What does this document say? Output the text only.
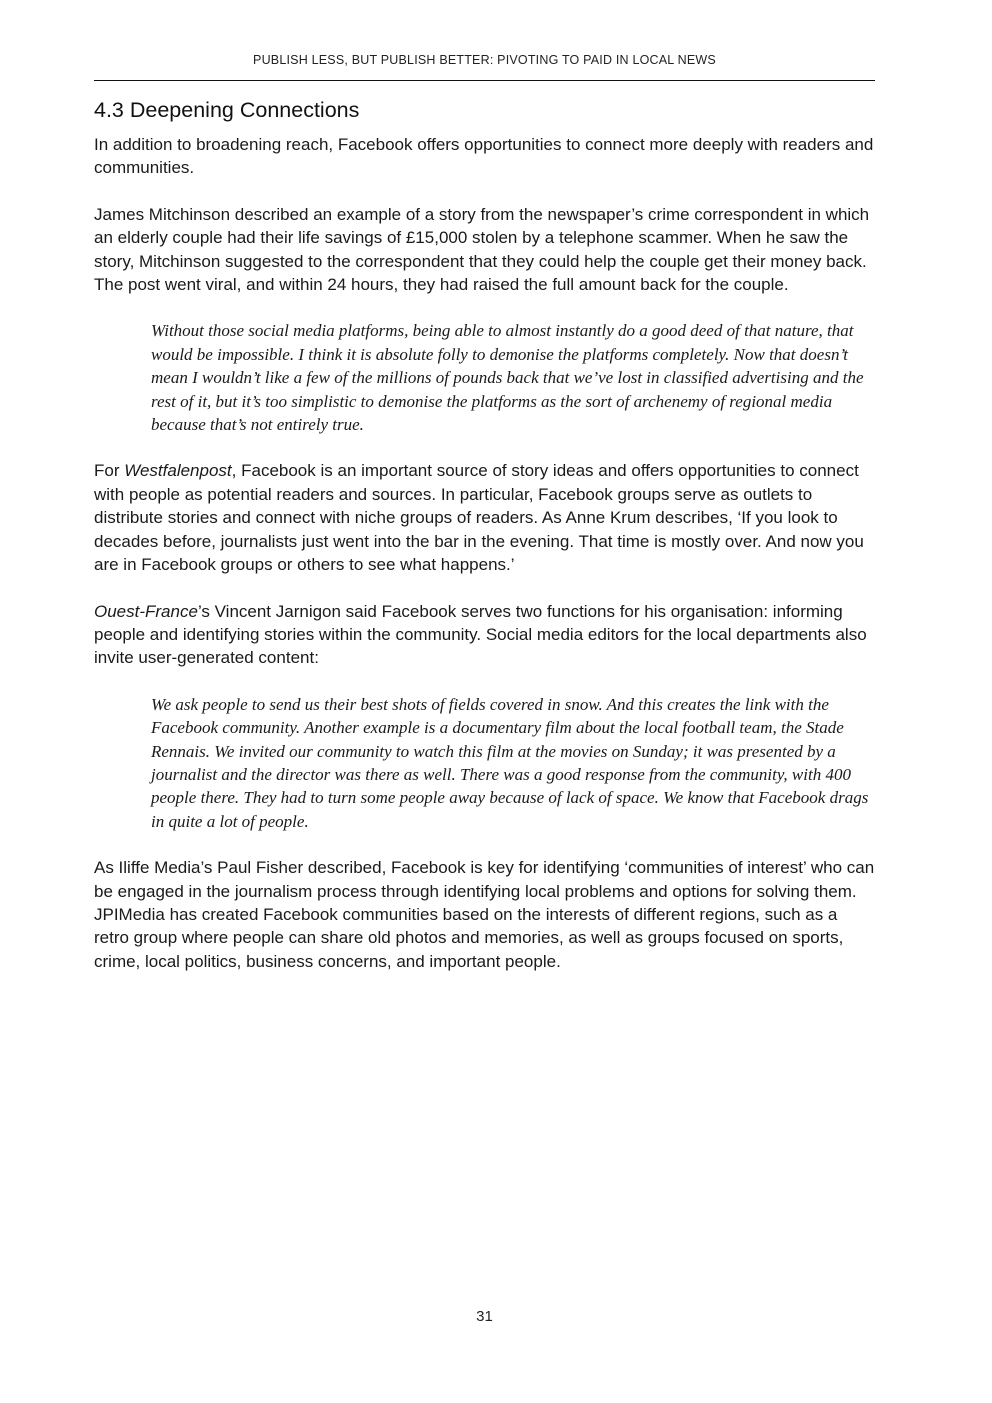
PUBLISH LESS, BUT PUBLISH BETTER: PIVOTING TO PAID IN LOCAL NEWS
4.3 Deepening Connections

In addition to broadening reach, Facebook offers opportunities to connect more deeply with readers and communities.

James Mitchinson described an example of a story from the newspaper’s crime correspondent in which an elderly couple had their life savings of £15,000 stolen by a telephone scammer. When he saw the story, Mitchinson suggested to the correspondent that they could help the couple get their money back. The post went viral, and within 24 hours, they had raised the full amount back for the couple.

Without those social media platforms, being able to almost instantly do a good deed of that nature, that would be impossible. I think it is absolute folly to demonise the platforms completely. Now that doesn’t mean I wouldn’t like a few of the millions of pounds back that we’ve lost in classified advertising and the rest of it, but it’s too simplistic to demonise the platforms as the sort of archenemy of regional media because that’s not entirely true.

For Westfalenpost, Facebook is an important source of story ideas and offers opportunities to connect with people as potential readers and sources. In particular, Facebook groups serve as outlets to distribute stories and connect with niche groups of readers. As Anne Krum describes, ‘If you look to decades before, journalists just went into the bar in the evening. That time is mostly over. And now you are in Facebook groups or others to see what happens.’

Ouest-France’s Vincent Jarnigon said Facebook serves two functions for his organisation: informing people and identifying stories within the community. Social media editors for the local departments also invite user-generated content:

We ask people to send us their best shots of fields covered in snow. And this creates the link with the Facebook community. Another example is a documentary film about the local football team, the Stade Rennais. We invited our community to watch this film at the movies on Sunday; it was presented by a journalist and the director was there as well. There was a good response from the community, with 400 people there. They had to turn some people away because of lack of space. We know that Facebook drags in quite a lot of people.

As Iliffe Media’s Paul Fisher described, Facebook is key for identifying ‘communities of interest’ who can be engaged in the journalism process through identifying local problems and options for solving them. JPIMedia has created Facebook communities based on the interests of different regions, such as a retro group where people can share old photos and memories, as well as groups focused on sports, crime, local politics, business concerns, and important people.

31
